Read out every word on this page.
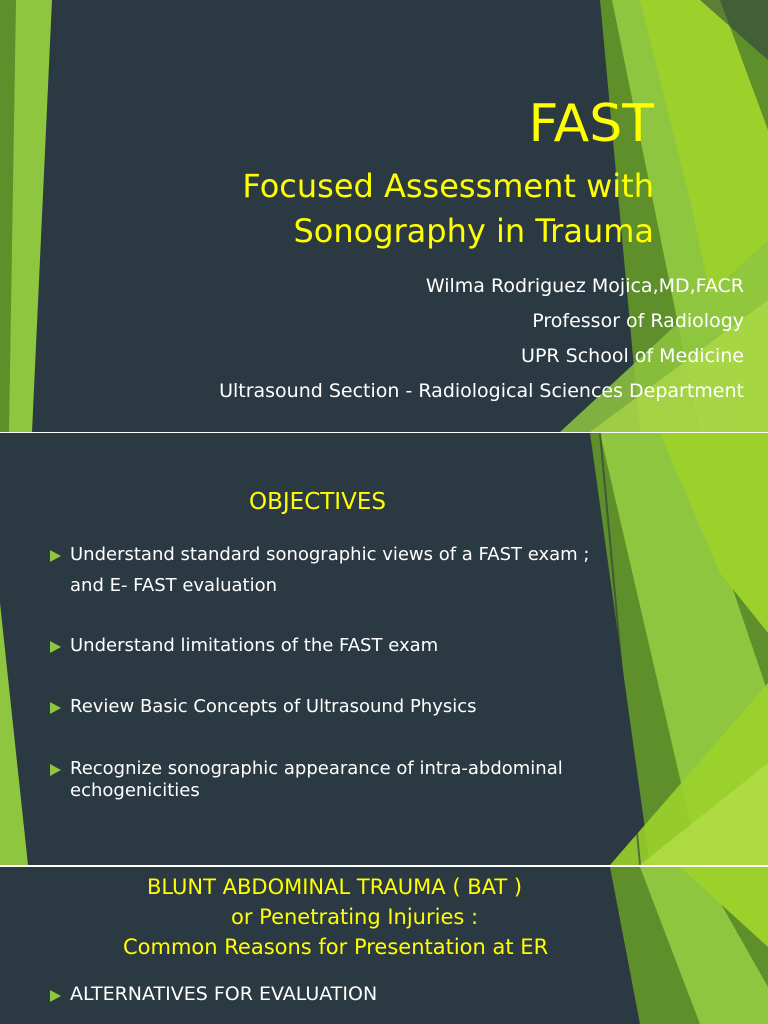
FAST
Focused Assessment with
Sonography in Trauma
Wilma Rodriguez Mojica,MD,FACR
Professor of Radiology
UPR School of Medicine
Ultrasound Section - Radiological Sciences Department
OBJECTIVES
Understand standard sonographic views of a FAST exam ;
and E- FAST evaluation
Understand limitations of the FAST exam
Review Basic Concepts of Ultrasound Physics
Recognize sonographic appearance of intra-abdominal
echogenicities
BLUNT ABDOMINAL TRAUMA ( BAT )
or Penetrating Injuries :
Common Reasons for Presentation at ER
ALTERNATIVES FOR EVALUATION
